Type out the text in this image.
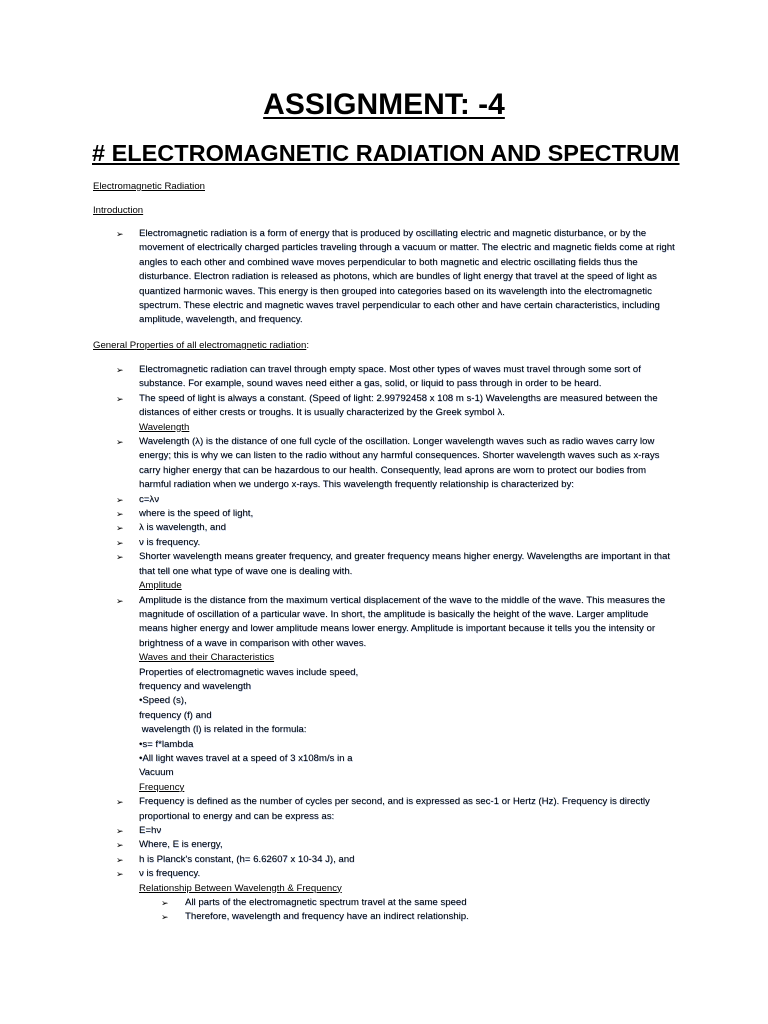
ASSIGNMENT: -4
# ELECTROMAGNETIC RADIATION AND SPECTRUM
Electromagnetic Radiation
Introduction
➢ Electromagnetic radiation is a form of energy that is produced by oscillating electric and magnetic disturbance, or by the
movement of electrically charged particles traveling through a vacuum or matter. The electric and magnetic fields come at right
angles to each other and combined wave moves perpendicular to both magnetic and electric oscillating fields thus the
disturbance. Electron radiation is released as photons, which are bundles of light energy that travel at the speed of light as
quantized harmonic waves. This energy is then grouped into categories based on its wavelength into the electromagnetic
spectrum. These electric and magnetic waves travel perpendicular to each other and have certain characteristics, including
amplitude, wavelength, and frequency.
General Properties of all electromagnetic radiation:
➢ Electromagnetic radiation can travel through empty space. Most other types of waves must travel through some sort of
substance. For example, sound waves need either a gas, solid, or liquid to pass through in order to be heard.
➢ The speed of light is always a constant. (Speed of light: 2.99792458 x 108 m s-1) Wavelengths are measured between the
distances of either crests or troughs. It is usually characterized by the Greek symbol λ.
Wavelength
➢ Wavelength (λ) is the distance of one full cycle of the oscillation. Longer wavelength waves such as radio waves carry low
energy; this is why we can listen to the radio without any harmful consequences. Shorter wavelength waves such as x-rays
carry higher energy that can be hazardous to our health. Consequently, lead aprons are worn to protect our bodies from
harmful radiation when we undergo x-rays. This wavelength frequently relationship is characterized by:
➢ c=λν
➢ where is the speed of light,
➢ λ is wavelength, and
➢ ν is frequency.
➢ Shorter wavelength means greater frequency, and greater frequency means higher energy. Wavelengths are important in that
that tell one what type of wave one is dealing with.
Amplitude
➢ Amplitude is the distance from the maximum vertical displacement of the wave to the middle of the wave. This measures the
magnitude of oscillation of a particular wave. In short, the amplitude is basically the height of the wave. Larger amplitude
means higher energy and lower amplitude means lower energy. Amplitude is important because it tells you the intensity or
brightness of a wave in comparison with other waves.
Waves and their Characteristics
Properties of electromagnetic waves include speed,
frequency and wavelength
•Speed (s),
frequency (f) and
wavelength (l) is related in the formula:
•s= f*lambda
•All light waves travel at a speed of 3 x108m/s in a
Vacuum
Frequency
➢ Frequency is defined as the number of cycles per second, and is expressed as sec-1 or Hertz (Hz). Frequency is directly
proportional to energy and can be express as:
➢ E=hν
➢ Where, E is energy,
➢ h is Planck's constant, (h= 6.62607 x 10-34 J), and
➢ ν is frequency.
Relationship Between Wavelength & Frequency
➢ All parts of the electromagnetic spectrum travel at the same speed
➢ Therefore, wavelength and frequency have an indirect relationship.
